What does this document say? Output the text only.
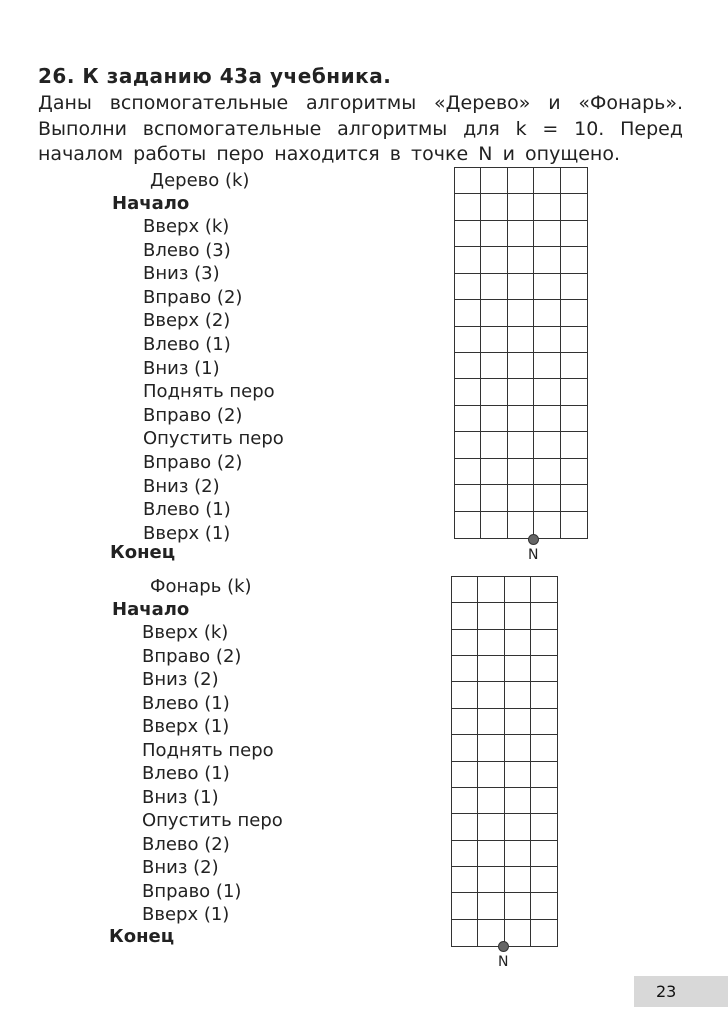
26. К заданию 43а учебника.
Даны вспомогательные алгоритмы «Дерево» и «Фонарь».
Выполни вспомогательные алгоритмы для k = 10. Перед
началом работы перо находится в точке N и опущено.
Дерево (k)
Начало
Вверх (k)
Влево (3)
Вниз (3)
Вправо (2)
Вверх (2)
Влево (1)
Вниз (1)
Поднять перо
Вправо (2)
Опустить перо
Вправо (2)
Вниз (2)
Влево (1)
Вверх (1)
Конец	N
Фонарь (k)
Начало
Вверх (k)
Вправо (2)
Вниз (2)
Влево (1)
Вверх (1)
Поднять перо
Влево (1)
Вниз (1)
Опустить перо
Влево (2)
Вниз (2)
Вправо (1)
Вверх (1)
Конец
N
23
